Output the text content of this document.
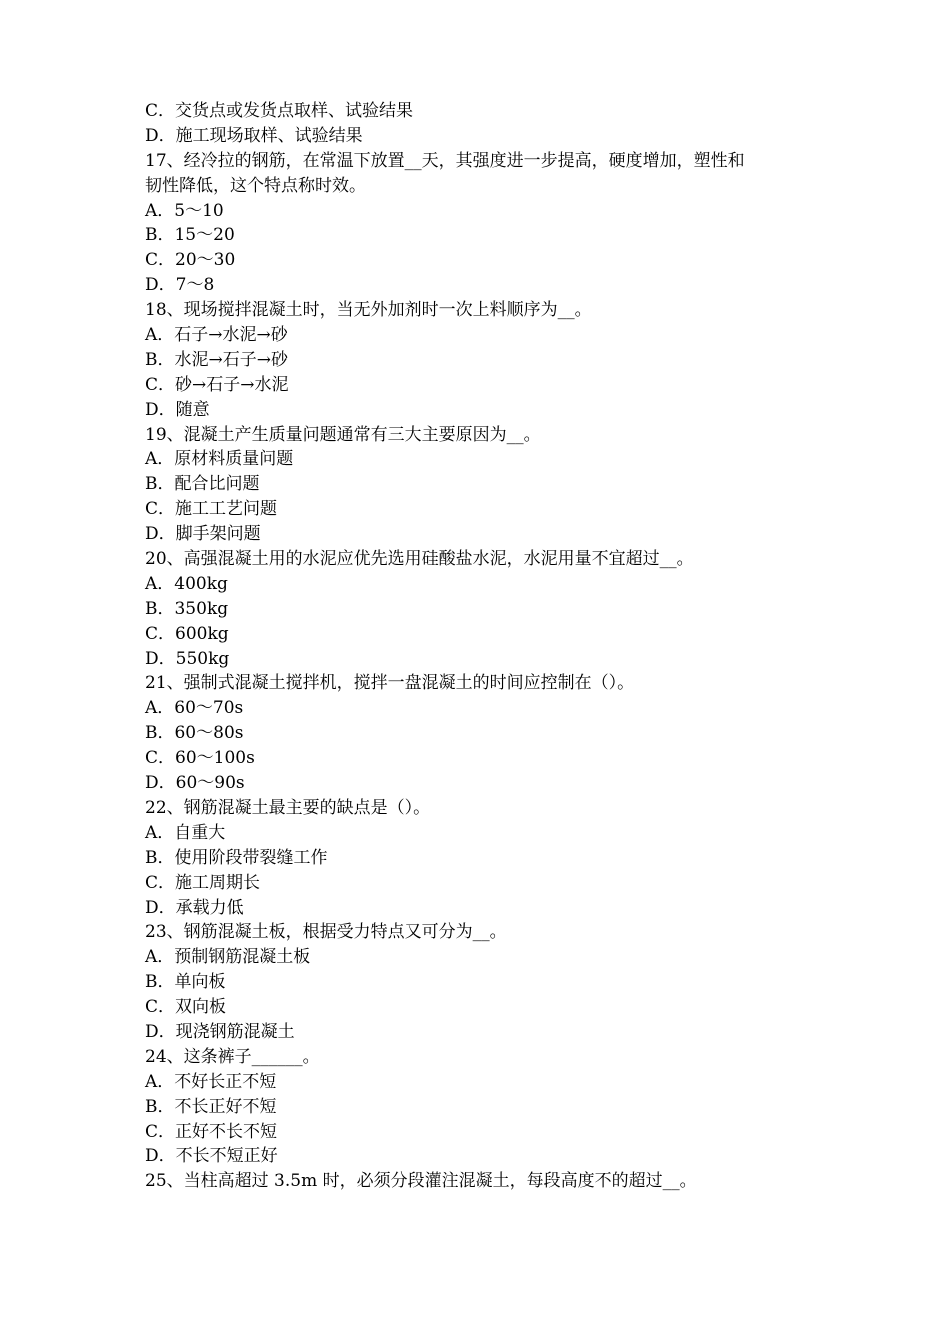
C．交货点或发货点取样、试验结果
D．施工现场取样、试验结果
17、经冷拉的钢筋，在常温下放置__天，其强度进一步提高，硬度增加，塑性和
韧性降低，这个特点称时效。
A．5～10
B．15～20
C．20～30
D．7～8
18、现场搅拌混凝土时，当无外加剂时一次上料顺序为__。
A．石子→水泥→砂
B．水泥→石子→砂
C．砂→石子→水泥
D．随意
19、混凝土产生质量问题通常有三大主要原因为__。
A．原材料质量问题
B．配合比问题
C．施工工艺问题
D．脚手架问题
20、高强混凝土用的水泥应优先选用硅酸盐水泥，水泥用量不宜超过__。
A．400kg
B．350kg
C．600kg
D．550kg
21、强制式混凝土搅拌机，搅拌一盘混凝土的时间应控制在（）。
A．60～70s
B．60～80s
C．60～100s
D．60～90s
22、钢筋混凝土最主要的缺点是（）。
A．自重大
B．使用阶段带裂缝工作
C．施工周期长
D．承载力低
23、钢筋混凝土板，根据受力特点又可分为__。
A．预制钢筋混凝土板
B．单向板
C．双向板
D．现浇钢筋混凝土
24、这条裤子______。
A．不好长正不短
B．不长正好不短
C．正好不长不短
D．不长不短正好
25、当柱高超过 3.5m 时，必须分段灌注混凝土，每段高度不的超过__。
